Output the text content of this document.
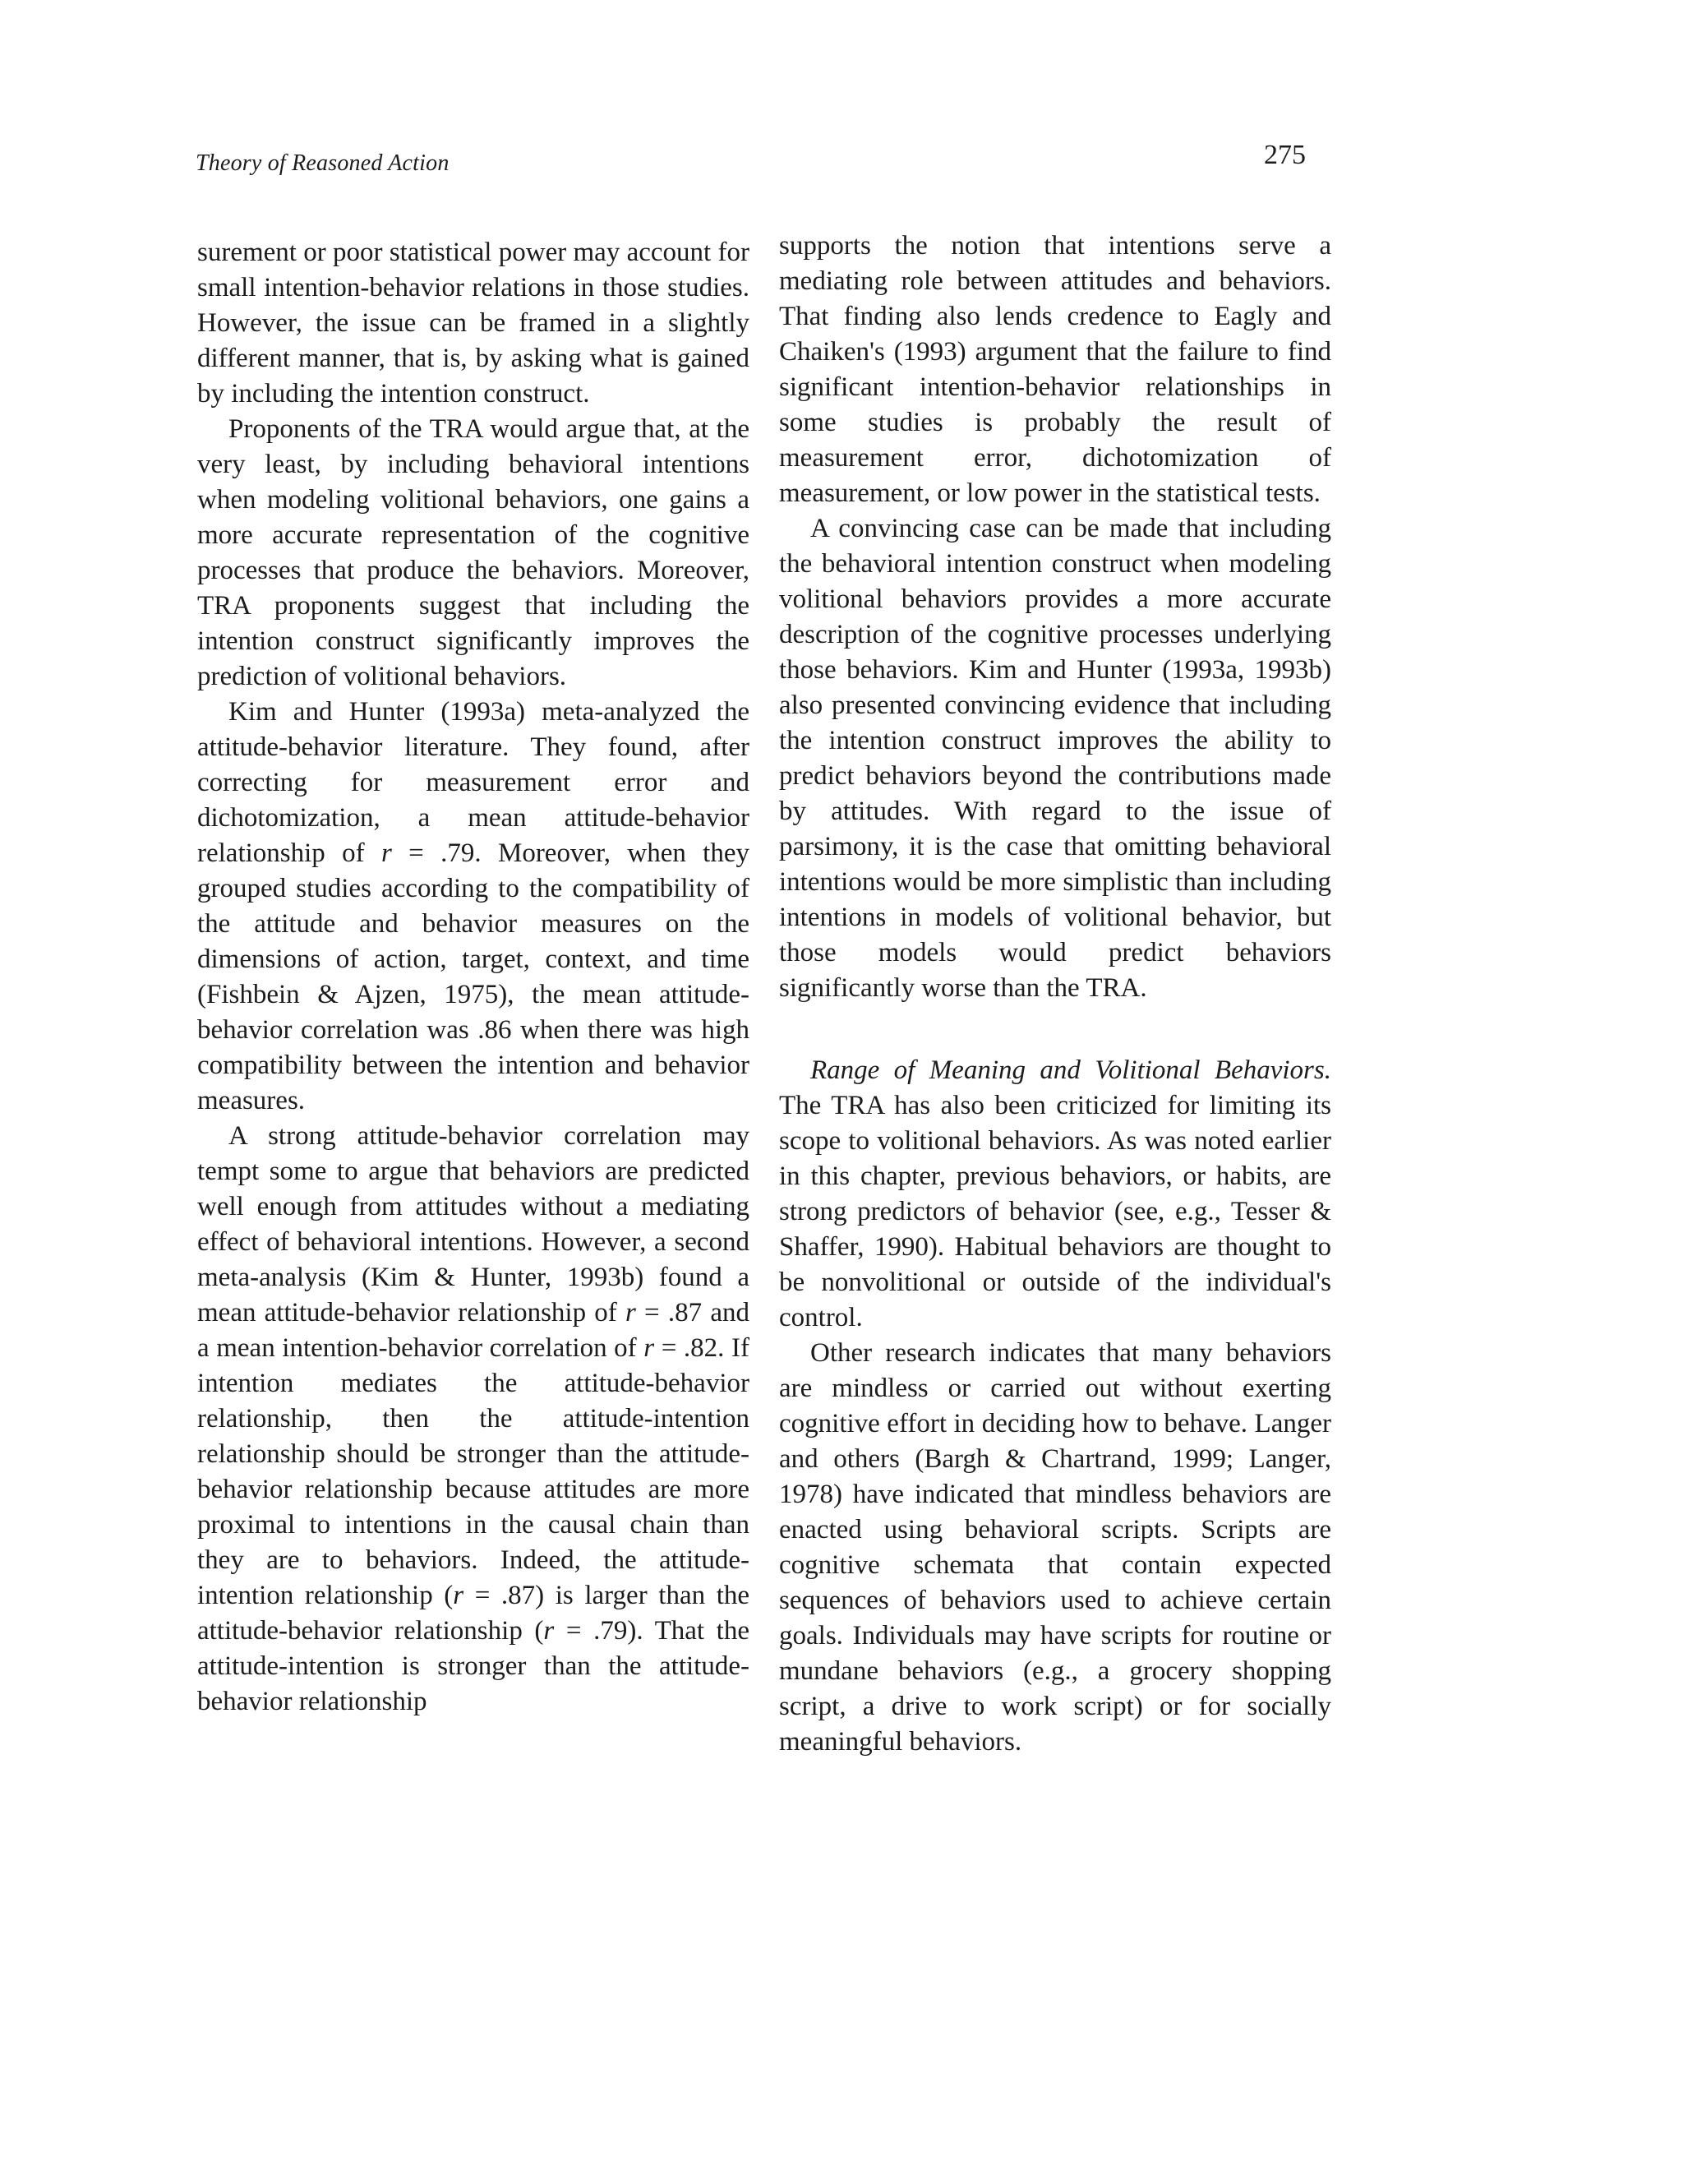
Theory of Reasoned Action	275

surement or poor statistical power may account for small intention-behavior relations in those studies. However, the issue can be framed in a slightly different manner, that is, by asking what is gained by including the intention construct.

Proponents of the TRA would argue that, at the very least, by including behavioral intentions when modeling volitional behaviors, one gains a more accurate representation of the cognitive processes that produce the behaviors. Moreover, TRA proponents suggest that including the intention construct significantly improves the prediction of volitional behaviors.

Kim and Hunter (1993a) meta-analyzed the attitude-behavior literature. They found, after correcting for measurement error and dichotomization, a mean attitude-behavior relationship of r = .79. Moreover, when they grouped studies according to the compatibility of the attitude and behavior measures on the dimensions of action, target, context, and time (Fishbein & Ajzen, 1975), the mean attitude-behavior correlation was .86 when there was high compatibility between the intention and behavior measures.

A strong attitude-behavior correlation may tempt some to argue that behaviors are predicted well enough from attitudes without a mediating effect of behavioral intentions. However, a second meta-analysis (Kim & Hunter, 1993b) found a mean attitude-behavior relationship of r = .87 and a mean intention-behavior correlation of r = .82. If intention mediates the attitude-behavior relationship, then the attitude-intention relationship should be stronger than the attitude-behavior relationship because attitudes are more proximal to intentions in the causal chain than they are to behaviors. Indeed, the attitude-intention relationship (r = .87) is larger than the attitude-behavior relationship (r = .79). That the attitude-intention is stronger than the attitude-behavior relationship

supports the notion that intentions serve a mediating role between attitudes and behaviors. That finding also lends credence to Eagly and Chaiken's (1993) argument that the failure to find significant intention-behavior relationships in some studies is probably the result of measurement error, dichotomization of measurement, or low power in the statistical tests.

A convincing case can be made that including the behavioral intention construct when modeling volitional behaviors provides a more accurate description of the cognitive processes underlying those behaviors. Kim and Hunter (1993a, 1993b) also presented convincing evidence that including the intention construct improves the ability to predict behaviors beyond the contributions made by attitudes. With regard to the issue of parsimony, it is the case that omitting behavioral intentions would be more simplistic than including intentions in models of volitional behavior, but those models would predict behaviors significantly worse than the TRA.

Range of Meaning and Volitional Behaviors. The TRA has also been criticized for limiting its scope to volitional behaviors. As was noted earlier in this chapter, previous behaviors, or habits, are strong predictors of behavior (see, e.g., Tesser & Shaffer, 1990). Habitual behaviors are thought to be nonvolitional or outside of the individual's control.

Other research indicates that many behaviors are mindless or carried out without exerting cognitive effort in deciding how to behave. Langer and others (Bargh & Chartrand, 1999; Langer, 1978) have indicated that mindless behaviors are enacted using behavioral scripts. Scripts are cognitive schemata that contain expected sequences of behaviors used to achieve certain goals. Individuals may have scripts for routine or mundane behaviors (e.g., a grocery shopping script, a drive to work script) or for socially meaningful behaviors.
